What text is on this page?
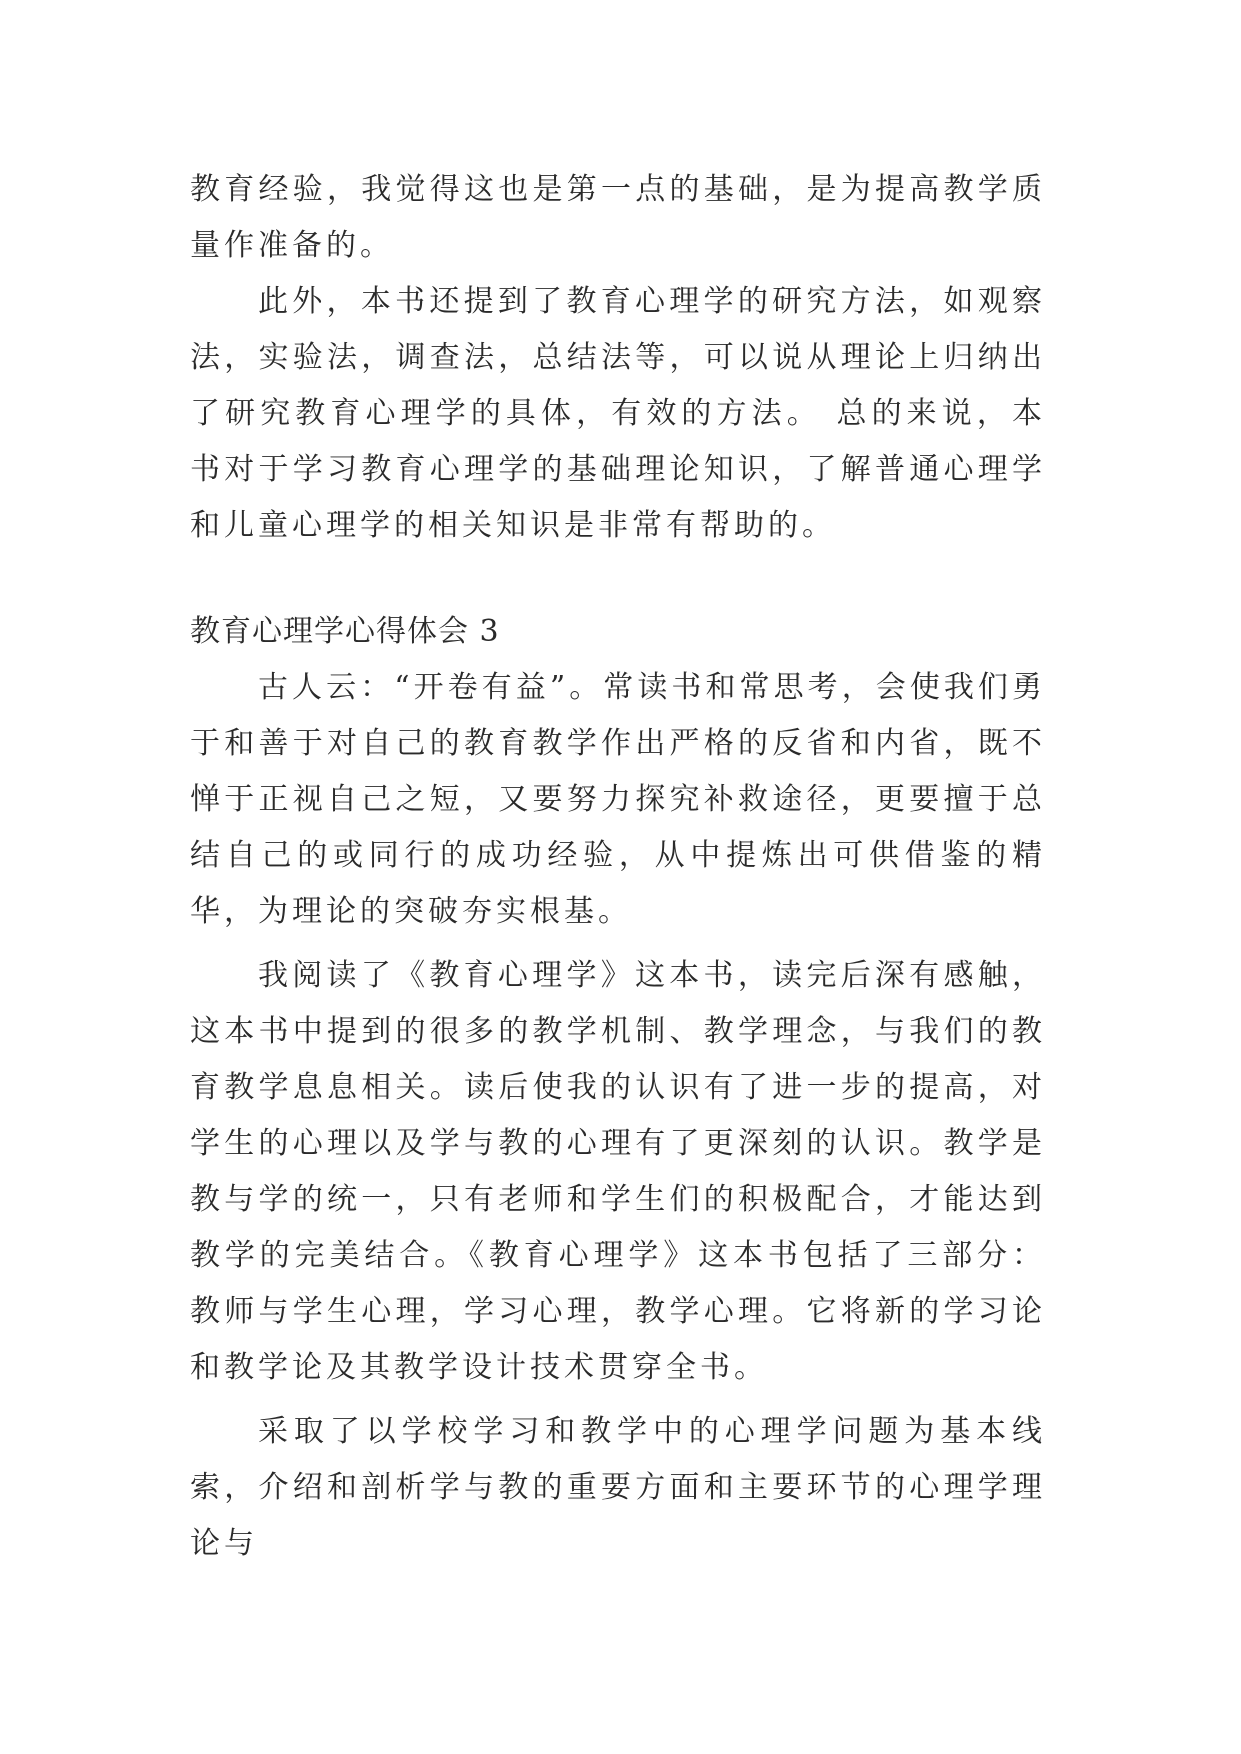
教育经验，我觉得这也是第一点的基础，是为提高教学质量作准备的。

此外，本书还提到了教育心理学的研究方法，如观察法，实验法，调查法，总结法等，可以说从理论上归纳出了研究教育心理学的具体，有效的方法。 总的来说，本书对于学习教育心理学的基础理论知识，了解普通心理学和儿童心理学的相关知识是非常有帮助的。

教育心理学心得体会 3

古人云：“开卷有益”。常读书和常思考，会使我们勇于和善于对自己的教育教学作出严格的反省和内省，既不惮于正视自己之短，又要努力探究补救途径，更要擅于总结自己的或同行的成功经验，从中提炼出可供借鉴的精华，为理论的突破夯实根基。

我阅读了《教育心理学》这本书，读完后深有感触，这本书中提到的很多的教学机制、教学理念，与我们的教育教学息息相关。读后使我的认识有了进一步的提高，对学生的心理以及学与教的心理有了更深刻的认识。教学是教与学的统一，只有老师和学生们的积极配合，才能达到教学的完美结合。《教育心理学》这本书包括了三部分：教师与学生心理，学习心理，教学心理。它将新的学习论和教学论及其教学设计技术贯穿全书。

采取了以学校学习和教学中的心理学问题为基本线索，介绍和剖析学与教的重要方面和主要环节的心理学理论与
